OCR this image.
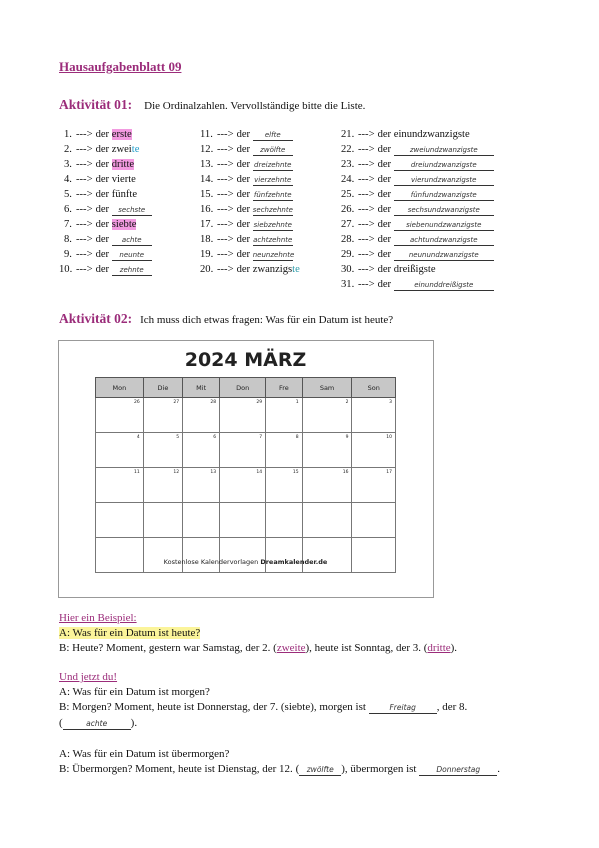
Hausaufgabenblatt 09
Aktivität 01: Die Ordinalzahlen. Vervollständige bitte die Liste.
1. ---> der erste
2. ---> der zweite
3. ---> der dritte
4. ---> der vierte
5. ---> der fünfte
6. ---> der sechste
7. ---> der siebte
8. ---> der achte
9. ---> der neunte
10. ---> der zehnte
11. ---> der elfte
12. ---> der zwölfte
13. ---> der dreizehnte
14. ---> der vierzehnte
15. ---> der fünfzehnte
16. ---> der sechzehnte
17. ---> der siebzehnte
18. ---> der achtzehnte
19. ---> der neunzehnte
20. ---> der zwanzigste
21. ---> der einundzwanzigste
22. ---> der zweiundzwanzigste
23. ---> der dreiundzwanzigste
24. ---> der vierundzwanzigste
25. ---> der fünfundzwanzigste
26. ---> der sechsundzwanzigste
27. ---> der siebenundzwanzigste
28. ---> der achtundzwanzigste
29. ---> der neunundzwanzigste
30. ---> der dreißigste
31. ---> der	einunddreißigste
Aktivität 02: Ich muss dich etwas fragen: Was für ein Datum ist heute?
2024 MÄRZ
Mon	Die	Mit	Don	Fre	Sam	Son
26	27	28	29	1	2	3
4	5	6	7	8	9	10
11	12	13	14	15	16	17

Kostenlose Kalendervorlagen Dreamkalender.de
Hier ein Beispiel:
A: Was für ein Datum ist heute?
B: Heute? Moment, gestern war Samstag, der 2. (zweite), heute ist Sonntag, der 3. (dritte).
Und jetzt du!
A: Was für ein Datum ist morgen?
B: Morgen? Moment, heute ist Donnerstag, der 7. (siebte), morgen ist	Freitag , der 8.
(	achte ).
A: Was für ein Datum ist übermorgen?
B: Übermorgen? Moment, heute ist Dienstag, der 12. ( zwölfte ), übermorgen ist	Donnerstag .
